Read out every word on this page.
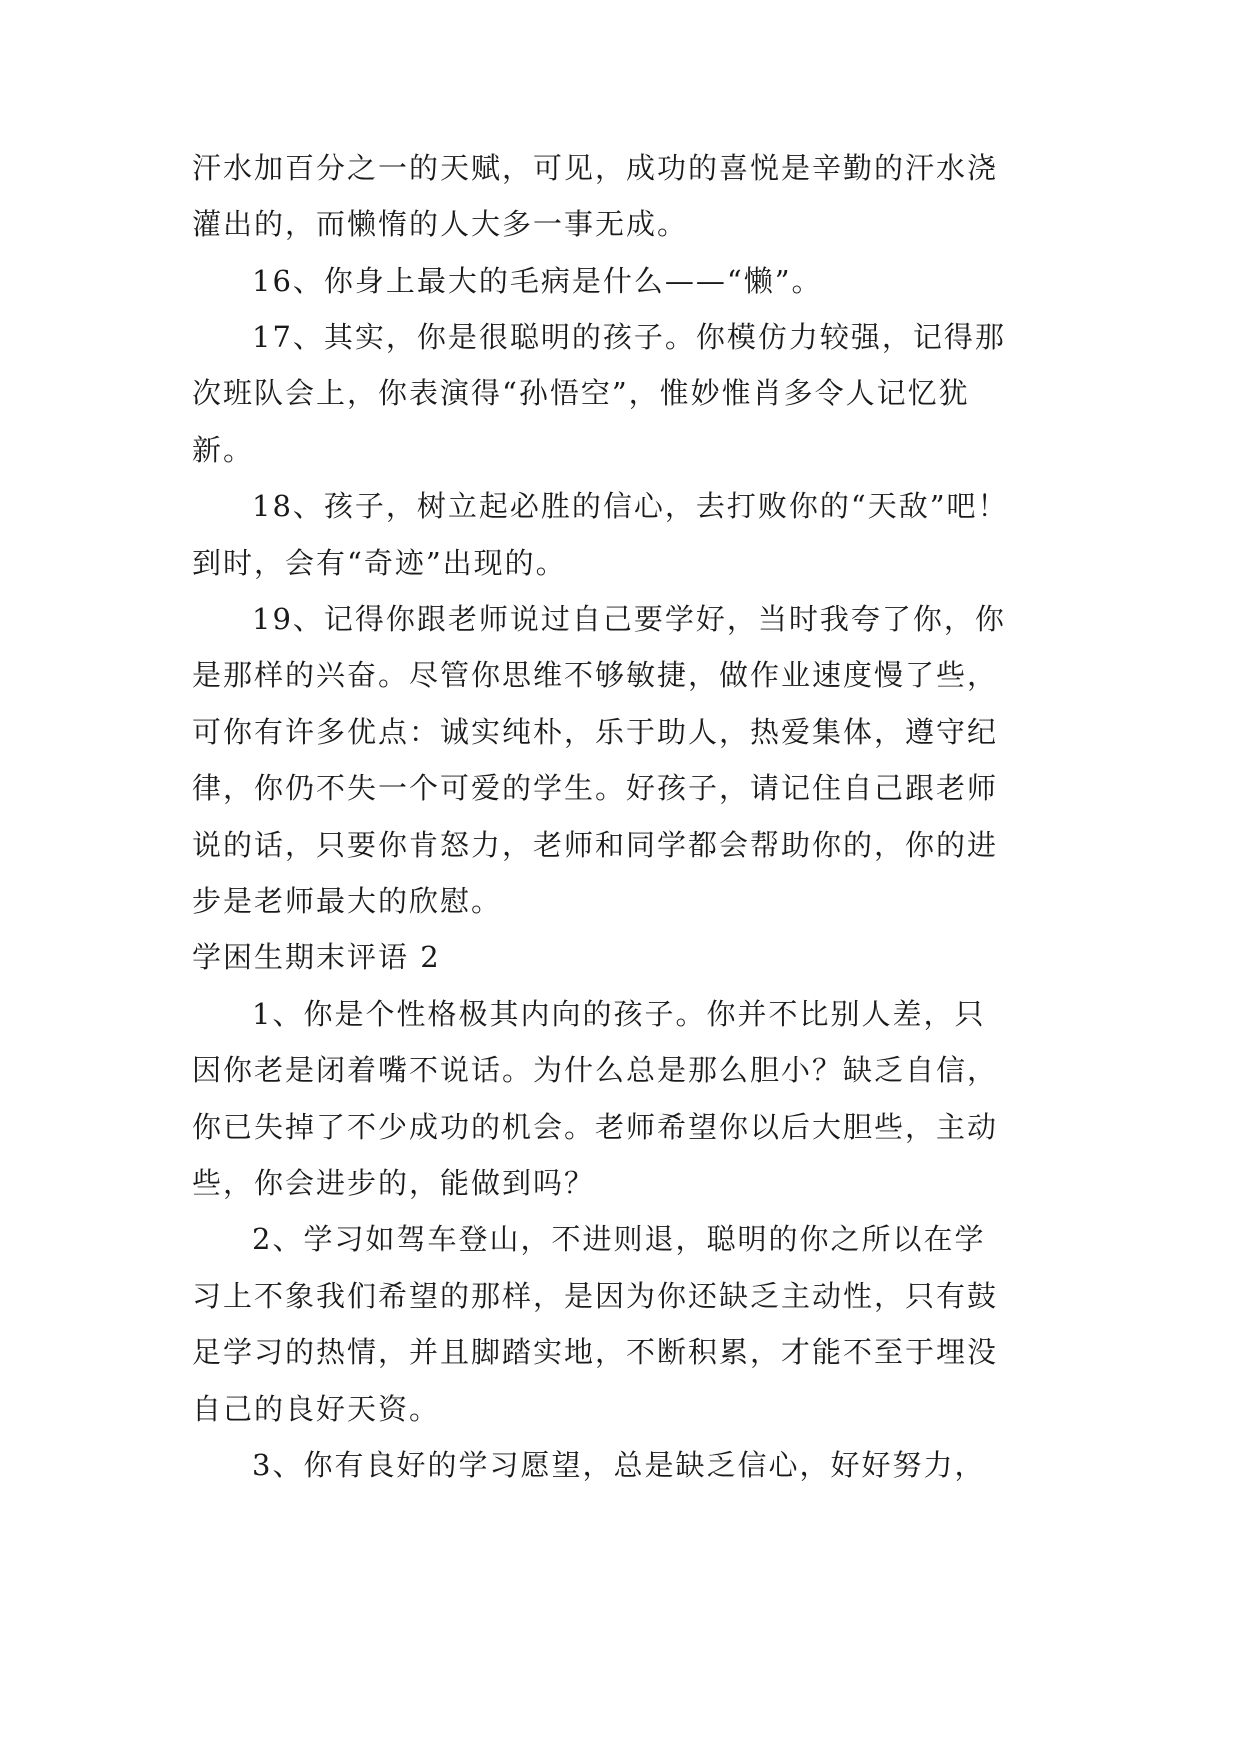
汗水加百分之一的天赋，可见，成功的喜悦是辛勤的汗水浇
灌出的，而懒惰的人大多一事无成。
16、你身上最大的毛病是什么——“懒”。
17、其实，你是很聪明的孩子。你模仿力较强，记得那
次班队会上，你表演得“孙悟空”，惟妙惟肖多令人记忆犹
新。
18、孩子，树立起必胜的信心，去打败你的“天敌”吧！
到时，会有“奇迹”出现的。
19、记得你跟老师说过自己要学好，当时我夸了你，你
是那样的兴奋。尽管你思维不够敏捷，做作业速度慢了些，
可你有许多优点：诚实纯朴，乐于助人，热爱集体，遵守纪
律，你仍不失一个可爱的学生。好孩子，请记住自己跟老师
说的话，只要你肯怒力，老师和同学都会帮助你的，你的进
步是老师最大的欣慰。
学困生期末评语 2
1、你是个性格极其内向的孩子。你并不比别人差，只
因你老是闭着嘴不说话。为什么总是那么胆小？缺乏自信，
你已失掉了不少成功的机会。老师希望你以后大胆些，主动
些，你会进步的，能做到吗？
2、学习如驾车登山，不进则退，聪明的你之所以在学
习上不象我们希望的那样，是因为你还缺乏主动性，只有鼓
足学习的热情，并且脚踏实地，不断积累，才能不至于埋没
自己的良好天资。
3、你有良好的学习愿望，总是缺乏信心，好好努力，
